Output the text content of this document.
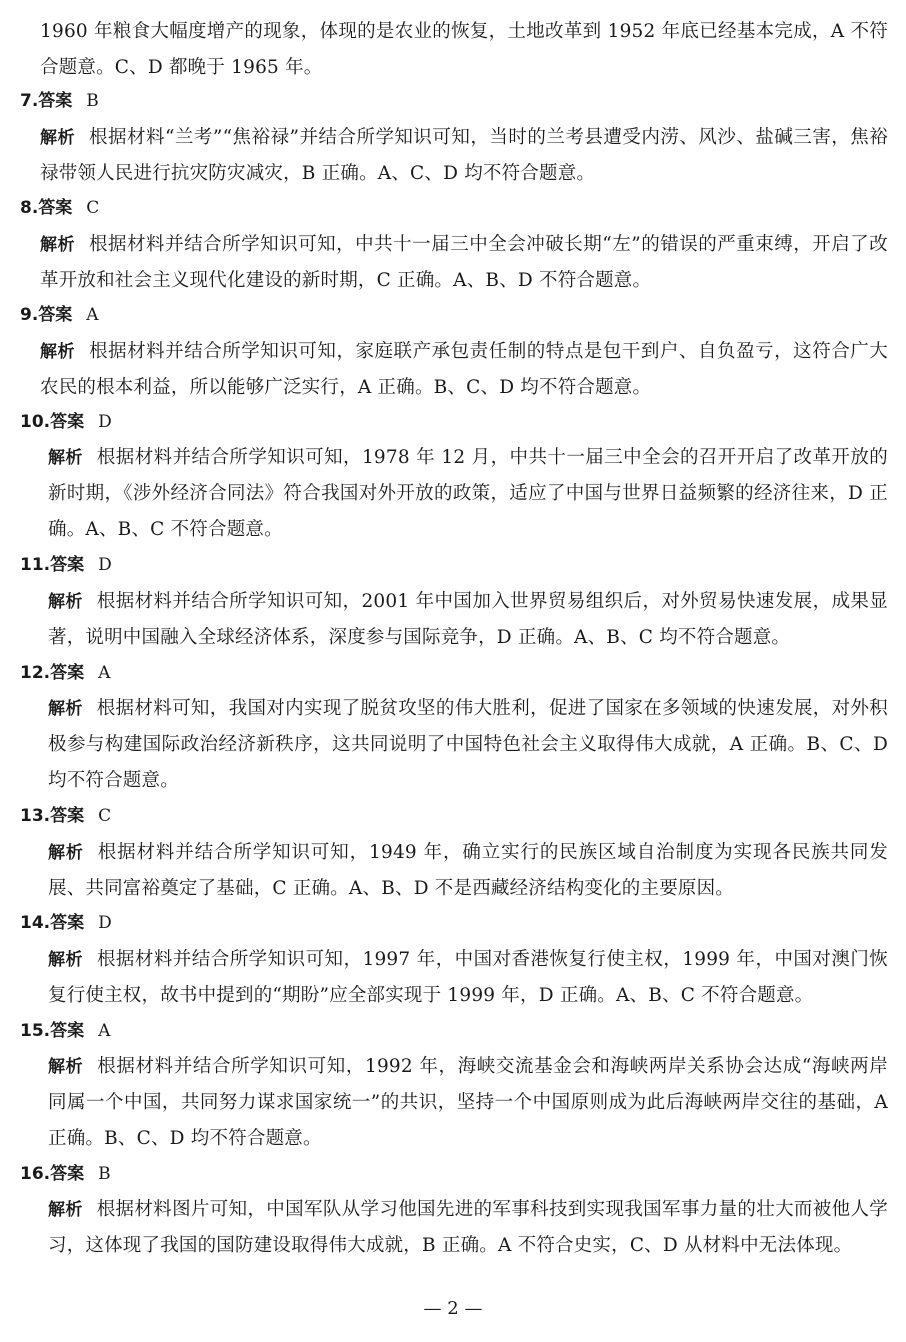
1960 年粮食大幅度增产的现象，体现的是农业的恢复，土地改革到 1952 年底已经基本完成，A 不符合题意。C、D 都晚于 1965 年。
7.答案 B
解析 根据材料“兰考”“焦裕禄”并结合所学知识可知，当时的兰考县遭受内涝、风沙、盐碱三害，焦裕禄带领人民进行抗灾防灾减灾，B 正确。A、C、D 均不符合题意。
8.答案 C
解析 根据材料并结合所学知识可知，中共十一届三中全会冲破长期“左”的错误的严重束缚，开启了改革开放和社会主义现代化建设的新时期，C 正确。A、B、D 不符合题意。
9.答案 A
解析 根据材料并结合所学知识可知，家庭联产承包责任制的特点是包干到户、自负盈亏，这符合广大农民的根本利益，所以能够广泛实行，A 正确。B、C、D 均不符合题意。
10.答案 D
解析 根据材料并结合所学知识可知，1978 年 12 月，中共十一届三中全会的召开开启了改革开放的新时期，《涉外经济合同法》符合我国对外开放的政策，适应了中国与世界日益频繁的经济往来，D 正确。A、B、C 不符合题意。
11.答案 D
解析 根据材料并结合所学知识可知，2001 年中国加入世界贸易组织后，对外贸易快速发展，成果显著，说明中国融入全球经济体系，深度参与国际竞争，D 正确。A、B、C 均不符合题意。
12.答案 A
解析 根据材料可知，我国对内实现了脱贫攻坚的伟大胜利，促进了国家在多领域的快速发展，对外积极参与构建国际政治经济新秩序，这共同说明了中国特色社会主义取得伟大成就，A 正确。B、C、D 均不符合题意。
13.答案 C
解析 根据材料并结合所学知识可知，1949 年，确立实行的民族区域自治制度为实现各民族共同发展、共同富裕奠定了基础，C 正确。A、B、D 不是西藏经济结构变化的主要原因。
14.答案 D
解析 根据材料并结合所学知识可知，1997 年，中国对香港恢复行使主权，1999 年，中国对澳门恢复行使主权，故书中提到的“期盼”应全部实现于 1999 年，D 正确。A、B、C 不符合题意。
15.答案 A
解析 根据材料并结合所学知识可知，1992 年，海峡交流基金会和海峡两岸关系协会达成“海峡两岸同属一个中国，共同努力谋求国家统一”的共识，坚持一个中国原则成为此后海峡两岸交往的基础，A 正确。B、C、D 均不符合题意。
16.答案 B
解析 根据材料图片可知，中国军队从学习他国先进的军事科技到实现我国军事力量的壮大而被他人学习，这体现了我国的国防建设取得伟大成就，B 正确。A 不符合史实，C、D 从材料中无法体现。
— 2 —
